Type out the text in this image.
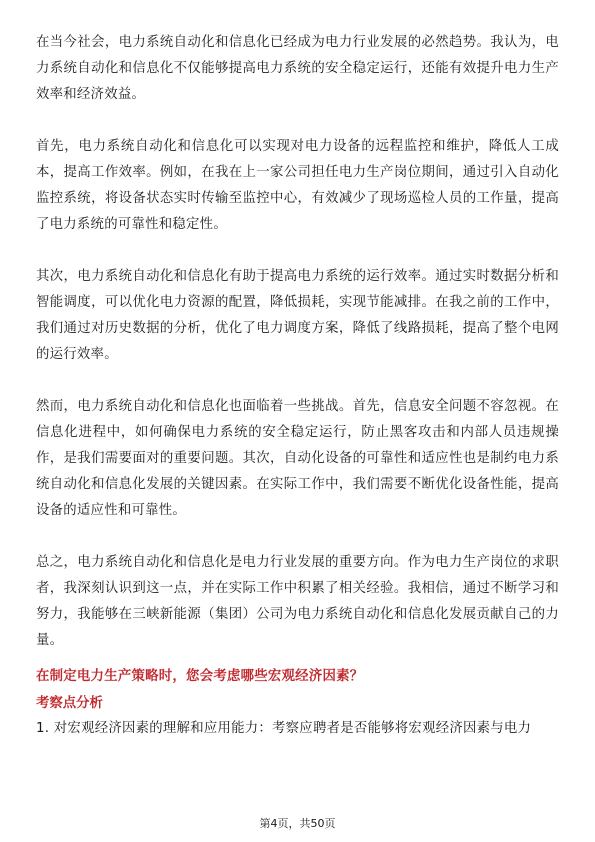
在当今社会，电力系统自动化和信息化已经成为电力行业发展的必然趋势。我认为，电力系统自动化和信息化不仅能够提高电力系统的安全稳定运行，还能有效提升电力生产效率和经济效益。

首先，电力系统自动化和信息化可以实现对电力设备的远程监控和维护，降低人工成本，提高工作效率。例如，在我在上一家公司担任电力生产岗位期间，通过引入自动化监控系统，将设备状态实时传输至监控中心，有效减少了现场巡检人员的工作量，提高了电力系统的可靠性和稳定性。

其次，电力系统自动化和信息化有助于提高电力系统的运行效率。通过实时数据分析和智能调度，可以优化电力资源的配置，降低损耗，实现节能减排。在我之前的工作中，我们通过对历史数据的分析，优化了电力调度方案，降低了线路损耗，提高了整个电网的运行效率。

然而，电力系统自动化和信息化也面临着一些挑战。首先，信息安全问题不容忽视。在信息化进程中，如何确保电力系统的安全稳定运行，防止黑客攻击和内部人员违规操作，是我们需要面对的重要问题。其次，自动化设备的可靠性和适应性也是制约电力系统自动化和信息化发展的关键因素。在实际工作中，我们需要不断优化设备性能，提高设备的适应性和可靠性。

总之，电力系统自动化和信息化是电力行业发展的重要方向。作为电力生产岗位的求职者，我深刻认识到这一点，并在实际工作中积累了相关经验。我相信，通过不断学习和努力，我能够在三峡新能源（集团）公司为电力系统自动化和信息化发展贡献自己的力量。

在制定电力生产策略时，您会考虑哪些宏观经济因素？

考察点分析

1. 对宏观经济因素的理解和应用能力：考察应聘者是否能够将宏观经济因素与电力

第4页，共50页
